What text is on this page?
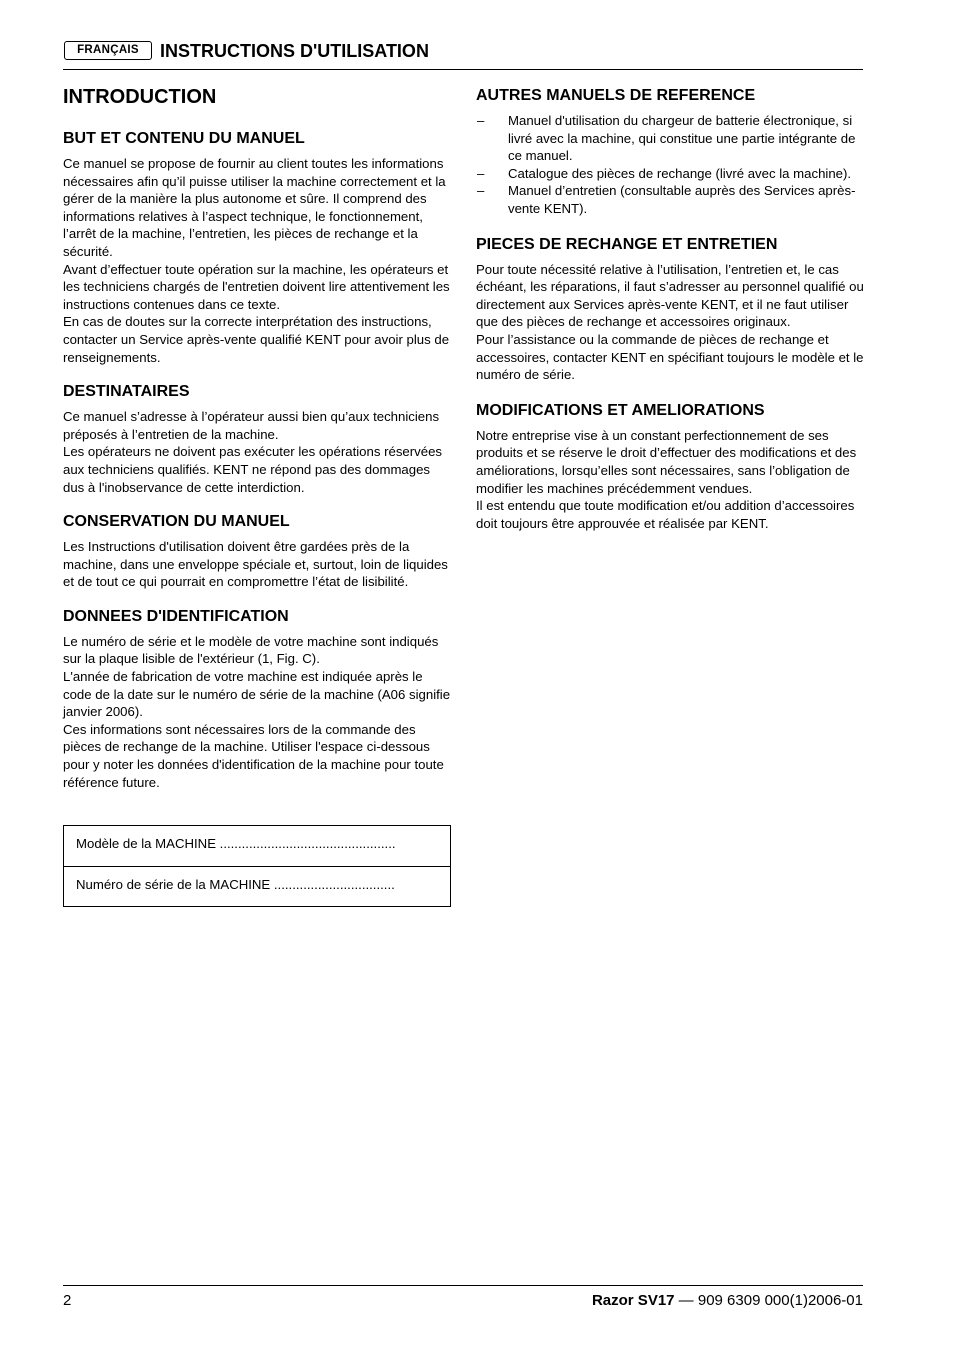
FRANÇAIS	INSTRUCTIONS D'UTILISATION
INTRODUCTION
BUT ET CONTENU DU MANUEL

Ce manuel se propose de fournir au client toutes les informations nécessaires afin qu’il puisse utiliser la machine correctement et la gérer de la manière la plus autonome et sûre. Il comprend des informations relatives à l’aspect technique, le fonctionnement, l’arrêt de la machine, l’entretien, les pièces de rechange et la sécurité.

Avant d’effectuer toute opération sur la machine, les opérateurs et les techniciens chargés de l'entretien doivent lire attentivement les instructions contenues dans ce texte.

En cas de doutes sur la correcte interprétation des instructions, contacter un Service après-vente qualifié KENT pour avoir plus de renseignements.

DESTINATAIRES

Ce manuel s’adresse à l’opérateur aussi bien qu’aux techniciens préposés à l’entretien de la machine.

Les opérateurs ne doivent pas exécuter les opérations réservées aux techniciens qualifiés. KENT ne répond pas des dommages dus à l'inobservance de cette interdiction.

CONSERVATION DU MANUEL

Les Instructions d'utilisation doivent être gardées près de la machine, dans une enveloppe spéciale et, surtout, loin de liquides et de tout ce qui pourrait en compromettre l’état de lisibilité.

DONNEES D'IDENTIFICATION

Le numéro de série et le modèle de votre machine sont indiqués sur la plaque lisible de l'extérieur (1, Fig. C).

L'année de fabrication de votre machine est indiquée après le code de la date sur le numéro de série de la machine (A06 signifie janvier 2006).

Ces informations sont nécessaires lors de la commande des pièces de rechange de la machine. Utiliser l'espace ci-dessous pour y noter les données d'identification de la machine pour toute référence future.

Modèle de la MACHINE ................................................
Numéro de série de la MACHINE .................................
AUTRES MANUELS DE REFERENCE
– Manuel d'utilisation du chargeur de batterie électronique, si livré avec la machine, qui constitue une partie intégrante de ce manuel.
– Catalogue des pièces de rechange (livré avec la machine).
– Manuel d’entretien (consultable auprès des Services après-vente KENT).
PIECES DE RECHANGE ET ENTRETIEN

Pour toute nécessité relative à l’utilisation, l’entretien et, le cas échéant, les réparations, il faut s’adresser au personnel qualifié ou directement aux Services après-vente KENT, et il ne faut utiliser que des pièces de rechange et accessoires originaux.

Pour l’assistance ou la commande de pièces de rechange et accessoires, contacter KENT en spécifiant toujours le modèle et le numéro de série.

MODIFICATIONS ET AMELIORATIONS

Notre entreprise vise à un constant perfectionnement de ses produits et se réserve le droit d’effectuer des modifications et des améliorations, lorsqu’elles sont nécessaires, sans l’obligation de modifier les machines précédemment vendues.

Il est entendu que toute modification et/ou addition d’accessoires doit toujours être approuvée et réalisée par KENT.

2	Razor SV17 — 909 6309 000(1)2006-01
